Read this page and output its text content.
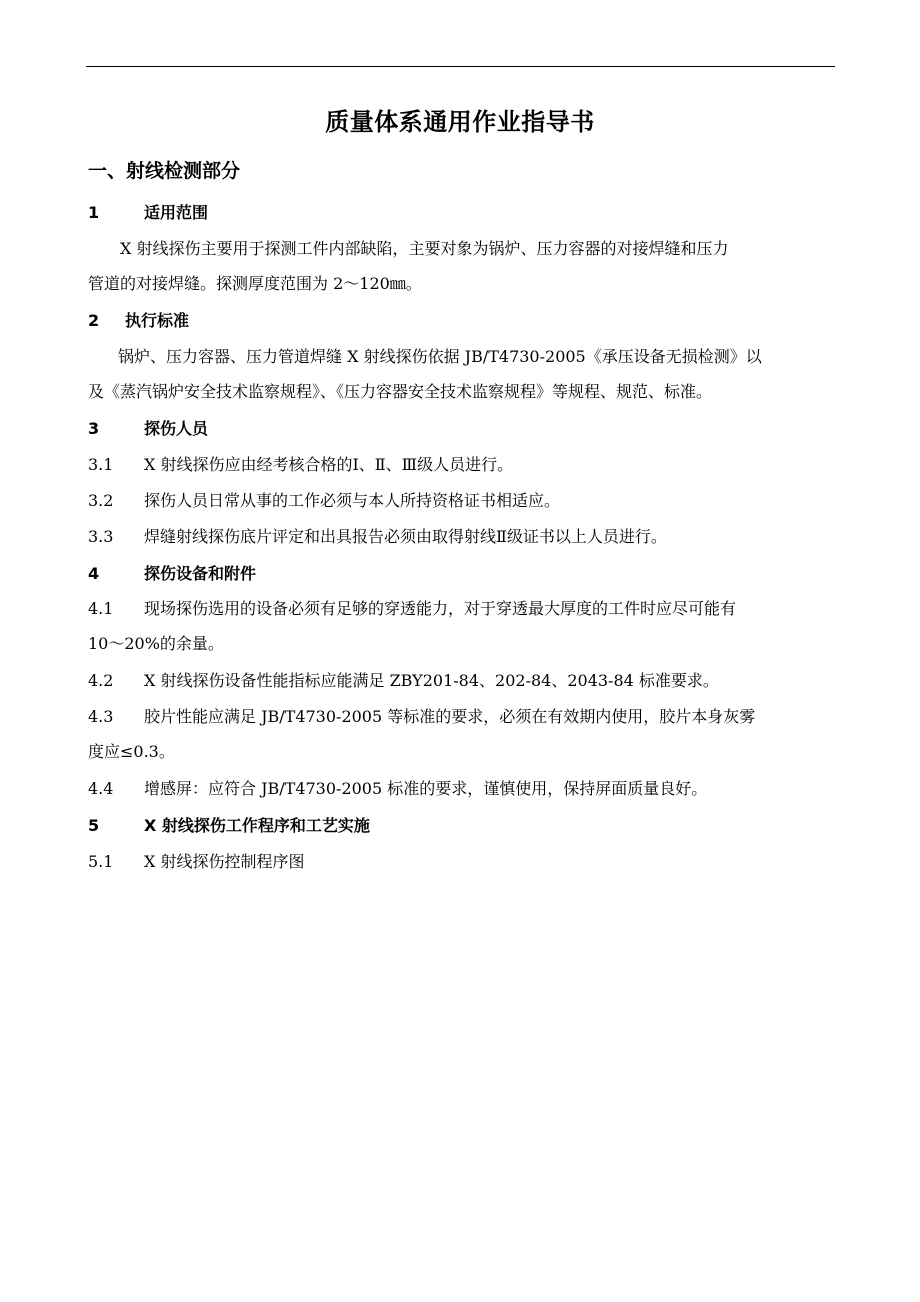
质量体系通用作业指导书
一、射线检测部分
1	适用范围
X 射线探伤主要用于探测工件内部缺陷，主要对象为锅炉、压力容器的对接焊缝和压力
管道的对接焊缝。探测厚度范围为 2～120㎜。
2 执行标准
锅炉、压力容器、压力管道焊缝 X 射线探伤依据 JB/T4730-2005《承压设备无损检测》以
及《蒸汽锅炉安全技术监察规程》、《压力容器安全技术监察规程》等规程、规范、标准。
3	探伤人员
3.1 X 射线探伤应由经考核合格的Ⅰ、Ⅱ、Ⅲ级人员进行。
3.2 探伤人员日常从事的工作必须与本人所持资格证书相适应。
3.3 焊缝射线探伤底片评定和出具报告必须由取得射线Ⅱ级证书以上人员进行。
4	探伤设备和附件
4.1 现场探伤选用的设备必须有足够的穿透能力，对于穿透最大厚度的工件时应尽可能有
10～20%的余量。
4.2 X 射线探伤设备性能指标应能满足 ZBY201-84、202-84、2043-84 标准要求。
4.3 胶片性能应满足 JB/T4730-2005 等标准的要求，必须在有效期内使用，胶片本身灰雾
度应≤0.3。
4.4 增感屏：应符合 JB/T4730-2005 标准的要求，谨慎使用，保持屏面质量良好。
5	X 射线探伤工作程序和工艺实施
5.1 X 射线探伤控制程序图
